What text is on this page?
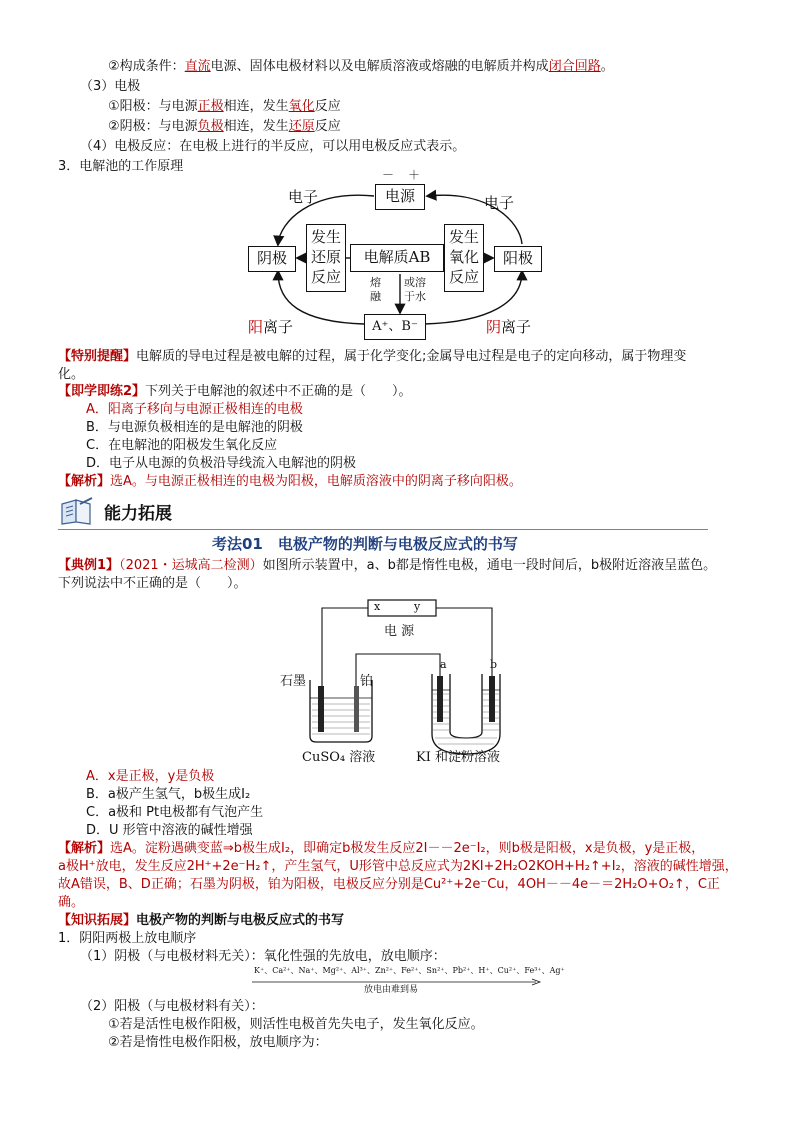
②构成条件：直流电源、固体电极材料以及电解质溶液或熔融的电解质并构成闭合回路。
（3）电极
①阳极：与电源正极相连，发生氧化反应
②阴极：与电源负极相连，发生还原反应
（4）电极反应：在电极上进行的半反应，可以用电极反应式表示。
3．电解池的工作原理
－ ＋
电源
电子	电子
阴极
发生
还原
反应
电解质AB
熔
融
或溶
于水
发生
氧化
反应
阳极
A⁺、B⁻
阳离子	阴离子
【特别提醒】电解质的导电过程是被电解的过程，属于化学变化;金属导电过程是电子的定向移动，属于物理变
化。
【即学即练2】下列关于电解池的叙述中不正确的是（　　）。
A．阳离子移向与电源正极相连的电极
B．与电源负极相连的是电解池的阴极
C．在电解池的阳极发生氧化反应
D．电子从电源的负极沿导线流入电解池的阴极
【解析】选A。与电源正极相连的电极为阳极，电解质溶液中的阴离子移向阳极。
能力拓展
考法01　电极产物的判断与电极反应式的书写
【典例1】（2021・运城高二检测）如图所示装置中，a、b都是惰性电极，通电一段时间后，b极附近溶液呈蓝色。
下列说法中不正确的是（　　）。
x	y
电 源
石墨	铂
a	b
CuSO₄ 溶液	KI 和淀粉溶液
A．x是正极，y是负极
B．a极产生氢气，b极生成I₂
C．a极和 Pt电极都有气泡产生
D．U 形管中溶液的碱性增强
【解析】选A。淀粉遇碘变蓝⇒b极生成I₂，即确定b极发生反应2I－－2e⁻I₂，则b极是阳极，x是负极，y是正极，
a极H⁺放电，发生反应2H⁺+2e⁻H₂↑，产生氢气，U形管中总反应式为2KI+2H₂O2KOH+H₂↑+I₂，溶液的碱性增强，
故A错误，B、D正确；石墨为阴极，铂为阳极，电极反应分别是Cu²⁺+2e⁻Cu，4OH－－4e－＝2H₂O+O₂↑，C正
确。
【知识拓展】电极产物的判断与电极反应式的书写
1．阴阳两极上放电顺序
（1）阴极（与电极材料无关）：氧化性强的先放电，放电顺序：
K⁺、Ca²⁺、Na⁺、Mg²⁺、Al³⁺、Zn²⁺、Fe²⁺、Sn²⁺、Pb²⁺、H⁺、Cu²⁺、Fe³⁺、Ag⁺
放电由难到易
（2）阳极（与电极材料有关）：
①若是活性电极作阳极，则活性电极首先失电子，发生氧化反应。
②若是惰性电极作阳极，放电顺序为：
